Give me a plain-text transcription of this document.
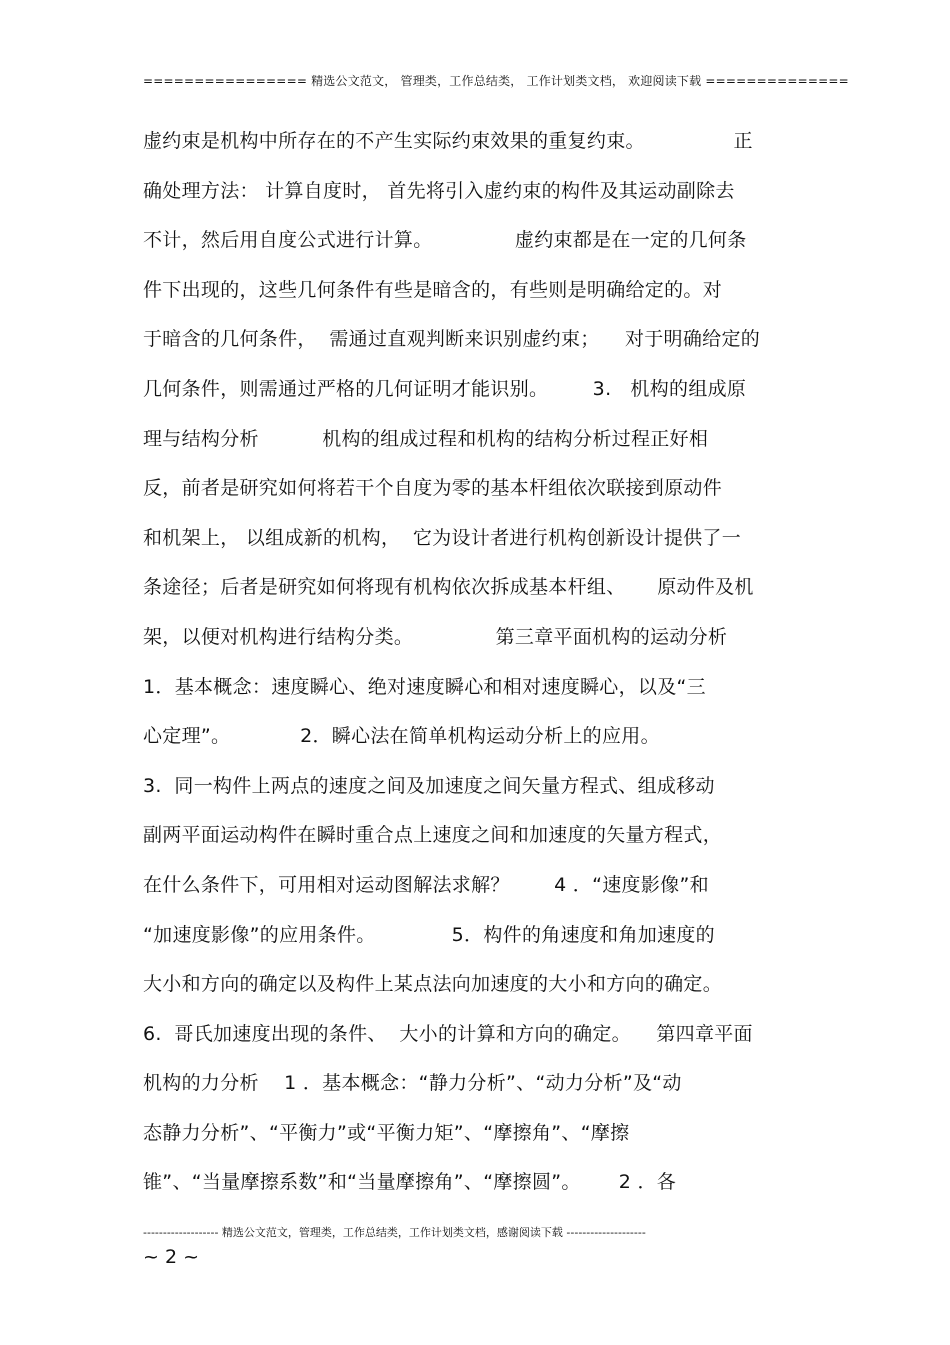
================ 精选公文范文， 管理类，工作总结类， 工作计划类文档， 欢迎阅读下载 ==============
虚约束是机构中所存在的不产生实际约束效果的重复约束。              正
确处理方法： 计算自度时， 首先将引入虚约束的构件及其运动副除去
不计，然后用自度公式进行计算。             虚约束都是在一定的几何条
件下出现的，这些几何条件有些是暗含的，有些则是明确给定的。对
于暗含的几何条件，  需通过直观判断来识别虚约束；    对于明确给定的
几何条件，则需通过严格的几何证明才能识别。       3.   机构的组成原
理与结构分析          机构的组成过程和机构的结构分析过程正好相
反，前者是研究如何将若干个自度为零的基本杆组依次联接到原动件
和机架上， 以组成新的机构，  它为设计者进行机构创新设计提供了一
条途径；后者是研究如何将现有机构依次拆成基本杆组、     原动件及机
架，以便对机构进行结构分类。             第三章平面机构的运动分析
1．基本概念：速度瞬心、绝对速度瞬心和相对速度瞬心，以及“三
心定理”。           2．瞬心法在简单机构运动分析上的应用。
3.  同一构件上两点的速度之间及加速度之间矢量方程式、组成移动
副两平面运动构件在瞬时重合点上速度之间和加速度的矢量方程式，
在什么条件下，可用相对运动图解法求解？       4 ．“速度影像”和
“加速度影像”的应用条件。            5．构件的角速度和角加速度的
大小和方向的确定以及构件上某点法向加速度的大小和方向的确定。
6.  哥氏加速度出现的条件、  大小的计算和方向的确定。    第四章平面
机构的力分析    1 ．基本概念：“静力分析”、“动力分析”及“动
态静力分析”、“平衡力”或“平衡力矩”、“摩擦角”、“摩擦
锥”、“当量摩擦系数”和“当量摩擦角”、“摩擦圆”。      2 ．各
------------------- 精选公文范文，管理类，工作总结类，工作计划类文档，感谢阅读下载 --------------------
~ 2 ~
